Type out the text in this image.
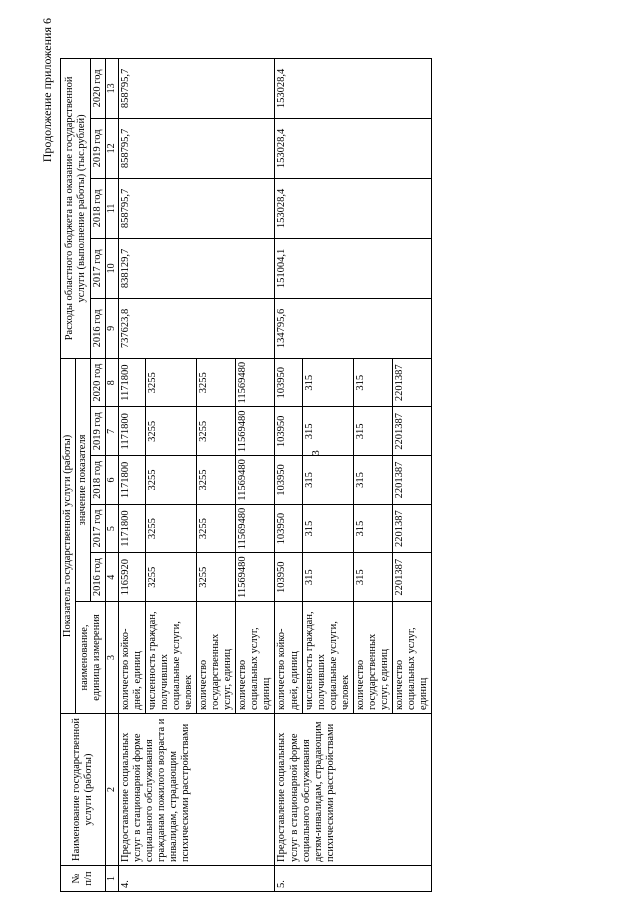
3
Продолжение приложения 6
№ п/п	Наименование государственной услуги (работы)	Показатель государственной услуги (работы)						Расходы областного бюджета на оказание государственной услуги (выполнение работы) (тыс.рублей)				
		наименование, единица измерения	значение показателя									
			2016 год	2017 год	2018 год	2019 год	2020 год	2016 год	2017 год	2018 год	2019 год	2020 год
1	2	3	4	5	6	7	8	9	10	11	12	13
4.	Предоставление социальных услуг в стационарной форме социального обслуживания гражданам пожилого возраста и инвалидам, страдающим психическими расстройствами	количество койко-дней, единиц	1165920	1171800	1171800	1171800	1171800	737623,8	838129,7	858795,7	858795,7	858795,7
		численность граждан, получивших социальные услуги, человек	3255	3255	3255	3255	3255					
		количество государственных услуг, единиц	3255	3255	3255	3255	3255					
		количество социальных услуг, единиц	11569480	11569480	11569480	11569480	11569480					
5.	Предоставление социальных услуг в стационарной форме социального обслуживания детям-инвалидам, страдающим психическими расстройствами	количество койко-дней, единиц	103950	103950	103950	103950	103950	134795,6	151004,1	153028,4	153028,4	153028,4
		численность граждан, получивших социальные услуги, человек	315	315	315	315	315					
		количество государственных услуг, единиц	315	315	315	315	315					
		количество социальных услуг, единиц	2201387	2201387	2201387	2201387	2201387					
